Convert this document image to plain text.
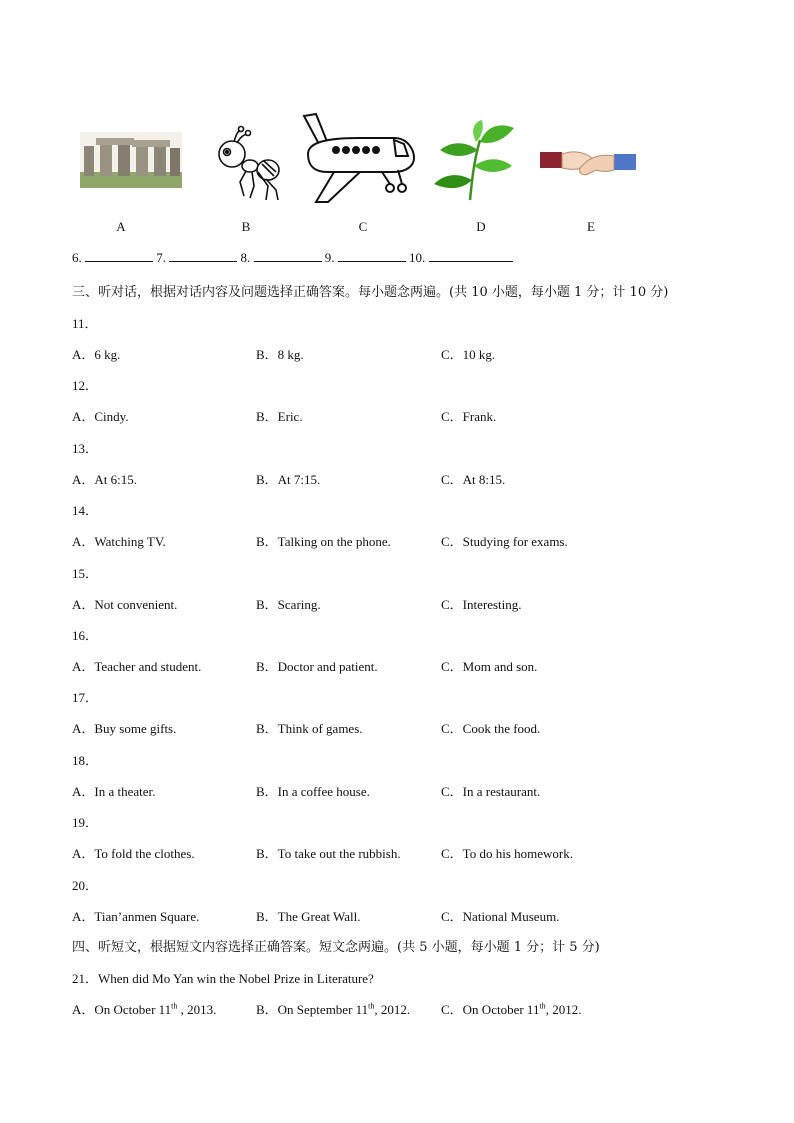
A	B	C	D	E
6.	7.	8.	9.	10.
三、听对话，根据对话内容及问题选择正确答案。每小题念两遍。(共 10 小题，每小题 1 分；计 10 分)
11．
A．6 kg.	B．8 kg.	C．10 kg.
12．
A．Cindy.	B．Eric.	C．Frank.
13．
A．At 6:15.	B．At 7:15.	C．At 8:15.
14．
A．Watching TV.	B．Talking on the phone.	C．Studying for exams.
15．
A．Not convenient.	B．Scaring.	C．Interesting.
16．
A．Teacher and student.	B．Doctor and patient.	C．Mom and son.
17．
A．Buy some gifts.	B．Think of games.	C．Cook the food.
18．
A．In a theater.	B．In a coffee house.	C．In a restaurant.
19．
A．To fold the clothes.	B．To take out the rubbish.	C．To do his homework.
20．
A．Tian’anmen Square.	B．The Great Wall.	C．National Museum.
四、听短文，根据短文内容选择正确答案。短文念两遍。(共 5 小题，每小题 1 分；计 5 分)
21．When did Mo Yan win the Nobel Prize in Literature?
A．On October 11th , 2013.	B．On September 11th, 2012. C．On October 11th, 2012.
